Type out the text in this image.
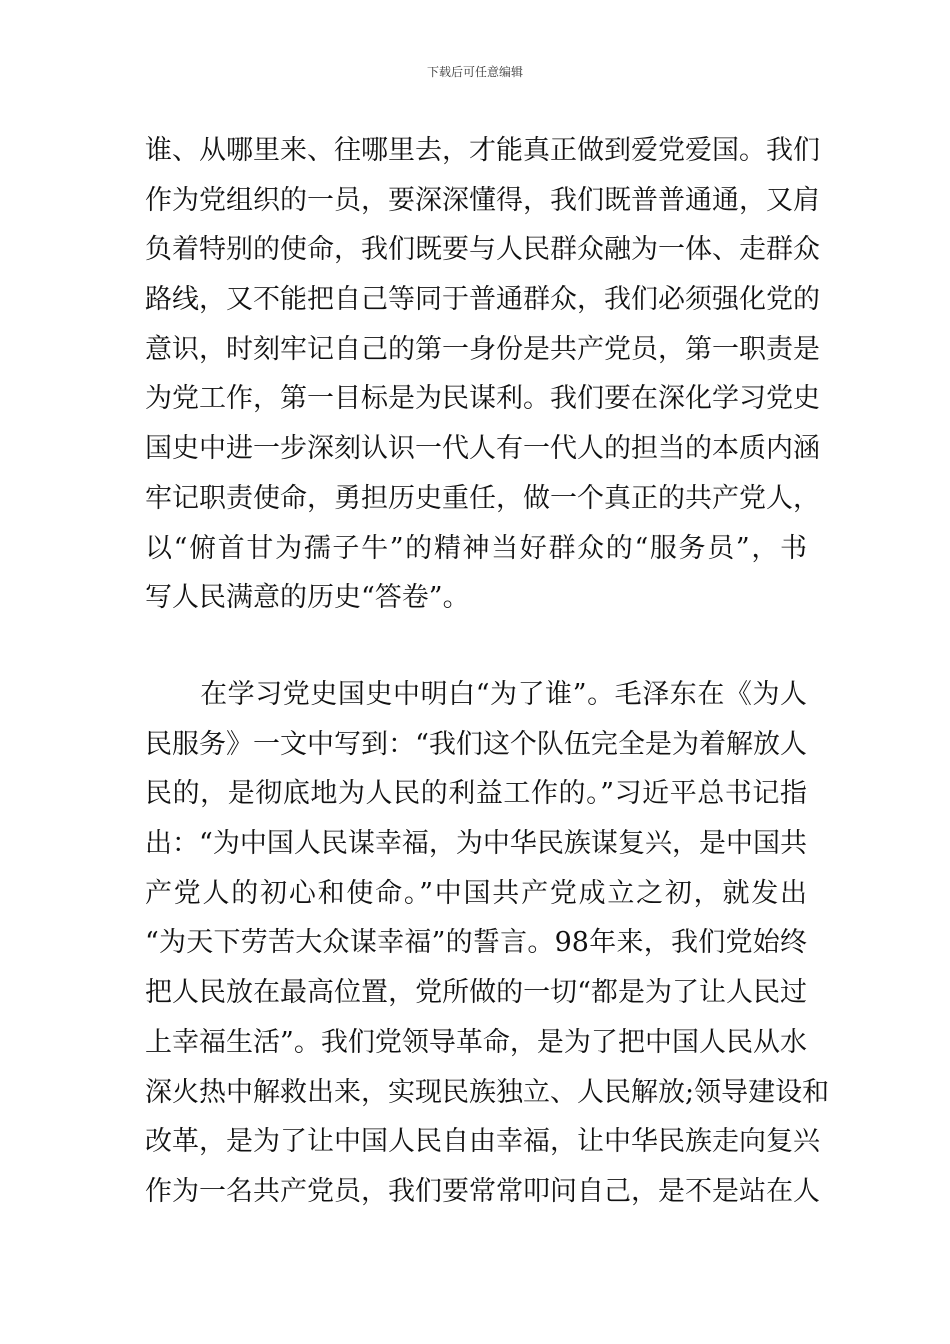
下载后可任意编辑
谁、从哪里来、往哪里去，才能真正做到爱党爱国。我们
作为党组织的一员，要深深懂得，我们既普普通通，又肩
负着特别的使命，我们既要与人民群众融为一体、走群众
路线，又不能把自己等同于普通群众，我们必须强化党的
意识，时刻牢记自己的第一身份是共产党员，第一职责是
为党工作，第一目标是为民谋利。我们要在深化学习党史
国史中进一步深刻认识一代人有一代人的担当的本质内涵
牢记职责使命，勇担历史重任，做一个真正的共产党人，
以“俯首甘为孺子牛”的精神当好群众的“服务员”，书
写人民满意的历史“答卷”。
　　在学习党史国史中明白“为了谁”。毛泽东在《为人
民服务》一文中写到：“我们这个队伍完全是为着解放人
民的，是彻底地为人民的利益工作的。”习近平总书记指
出：“为中国人民谋幸福，为中华民族谋复兴，是中国共
产党人的初心和使命。”中国共产党成立之初，就发出
“为天下劳苦大众谋幸福”的誓言。98年来，我们党始终
把人民放在最高位置，党所做的一切“都是为了让人民过
上幸福生活”。我们党领导革命，是为了把中国人民从水
深火热中解救出来，实现民族独立、人民解放;领导建设和
改革，是为了让中国人民自由幸福，让中华民族走向复兴
作为一名共产党员，我们要常常叩问自己，是不是站在人
